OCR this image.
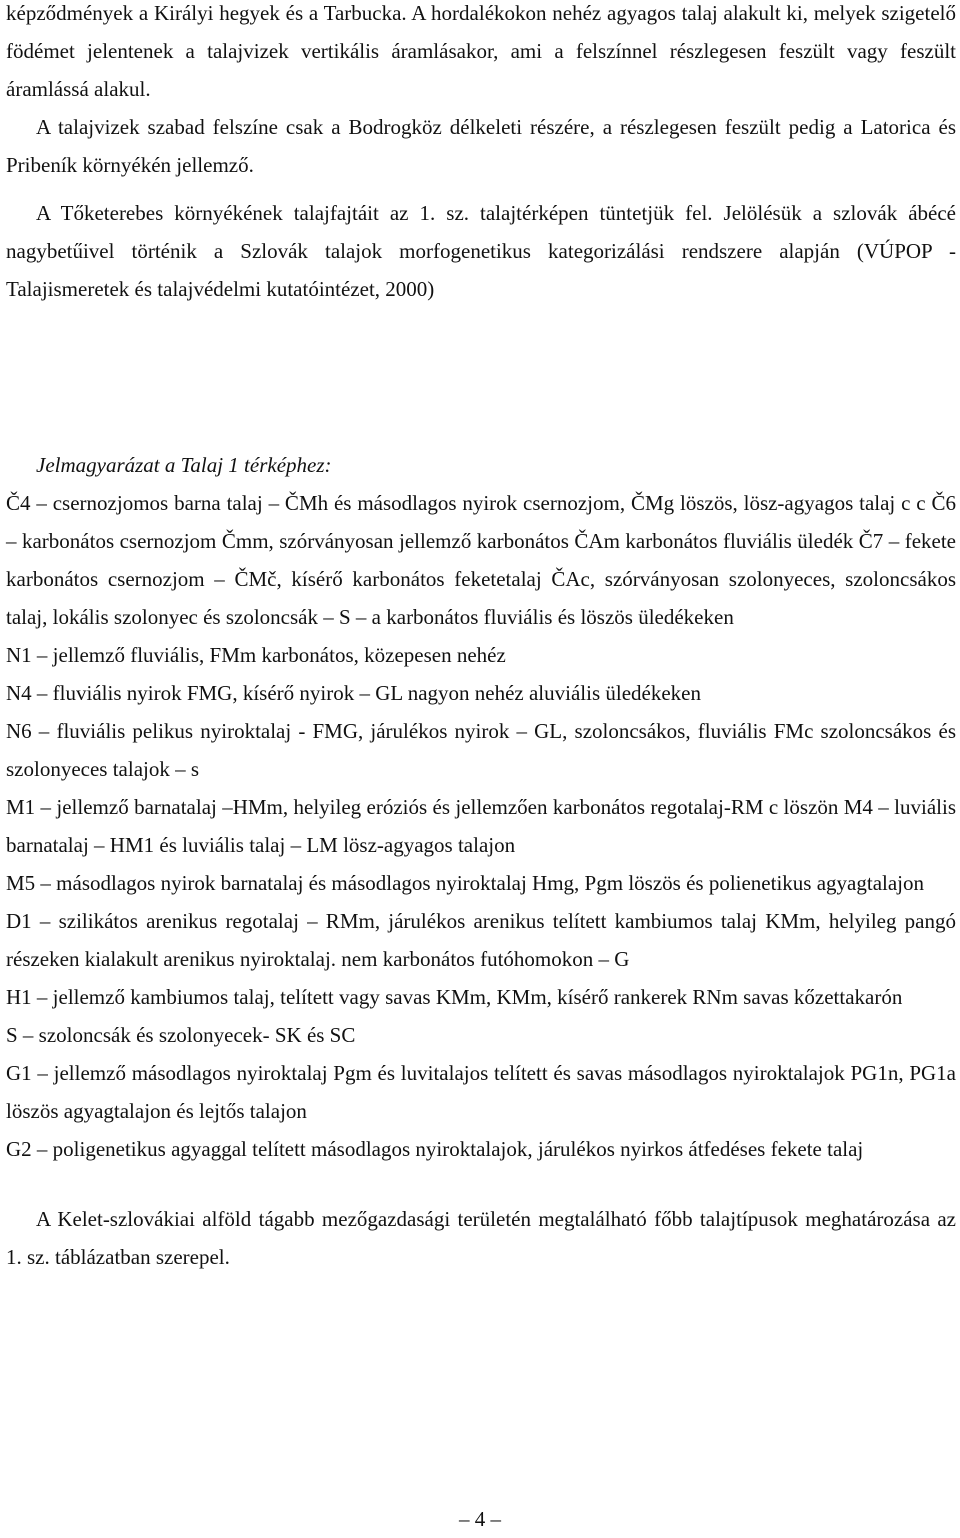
képződmények a Királyi hegyek és a Tarbucka. A hordalékokon nehéz agyagos talaj alakult ki, melyek szigetelő födémet jelentenek a talajvizek vertikális áramlásakor, ami a felszínnel részlegesen feszült vagy feszült áramlássá alakul.

A talajvizek szabad felszíne csak a Bodrogköz délkeleti részére, a részlegesen feszült pedig a Latorica és Pribeník környékén jellemző.

A Tőketerebes környékének talajfajtáit az 1. sz. talajtérképen tüntetjük fel. Jelölésük a szlovák ábécé nagybetűivel történik a Szlovák talajok morfogenetikus kategorizálási rendszere alapján (VÚPOP - Talajismeretek és talajvédelmi kutatóintézet, 2000)

Jelmagyarázat a Talaj 1 térképhez:

Č4 – csernozjomos barna talaj – ČMh és másodlagos nyirok csernozjom, ČMg löszös, lösz-agyagos talaj c c Č6 – karbonátos csernozjom Čmm, szórványosan jellemző karbonátos ČAm karbonátos fluviális üledék Č7 – fekete karbonátos csernozjom – ČMč, kísérő karbonátos feketetalaj ČAc, szórványosan szolonyeces, szoloncsákos talaj, lokális szolonyec és szoloncsák – S – a karbonátos fluviális és löszös üledékeken

N1 – jellemző fluviális, FMm karbonátos, közepesen nehéz

N4 – fluviális nyirok FMG, kísérő nyirok – GL nagyon nehéz aluviális üledékeken

N6 – fluviális pelikus nyiroktalaj - FMG, járulékos nyirok – GL, szoloncsákos, fluviális FMc szoloncsákos és szolonyeces talajok – s

M1 – jellemző barnatalaj –HMm, helyileg eróziós és jellemzően karbonátos regotalaj-RM c löszön M4 – luviális barnatalaj – HM1 és luviális talaj – LM lösz-agyagos talajon

M5 – másodlagos nyirok barnatalaj és másodlagos nyiroktalaj Hmg, Pgm löszös és polienetikus agyagtalajon

D1 – szilikátos arenikus regotalaj – RMm, járulékos arenikus telített kambiumos talaj KMm, helyileg pangó részeken kialakult arenikus nyiroktalaj. nem karbonátos futóhomokon – G

H1 – jellemző kambiumos talaj, telített vagy savas KMm, KMm, kísérő rankerek RNm savas kőzettakarón

S – szoloncsák és szolonyecek- SK és SC

G1 – jellemző másodlagos nyiroktalaj Pgm és luvitalajos telített és savas másodlagos nyiroktalajok PG1n, PG1a löszös agyagtalajon és lejtős talajon

G2 – poligenetikus agyaggal telített másodlagos nyiroktalajok, járulékos nyirkos átfedéses fekete talaj

A Kelet-szlovákiai alföld tágabb mezőgazdasági területén megtalálható főbb talajtípusok meghatározása az 1. sz. táblázatban szerepel.

– 4 –
